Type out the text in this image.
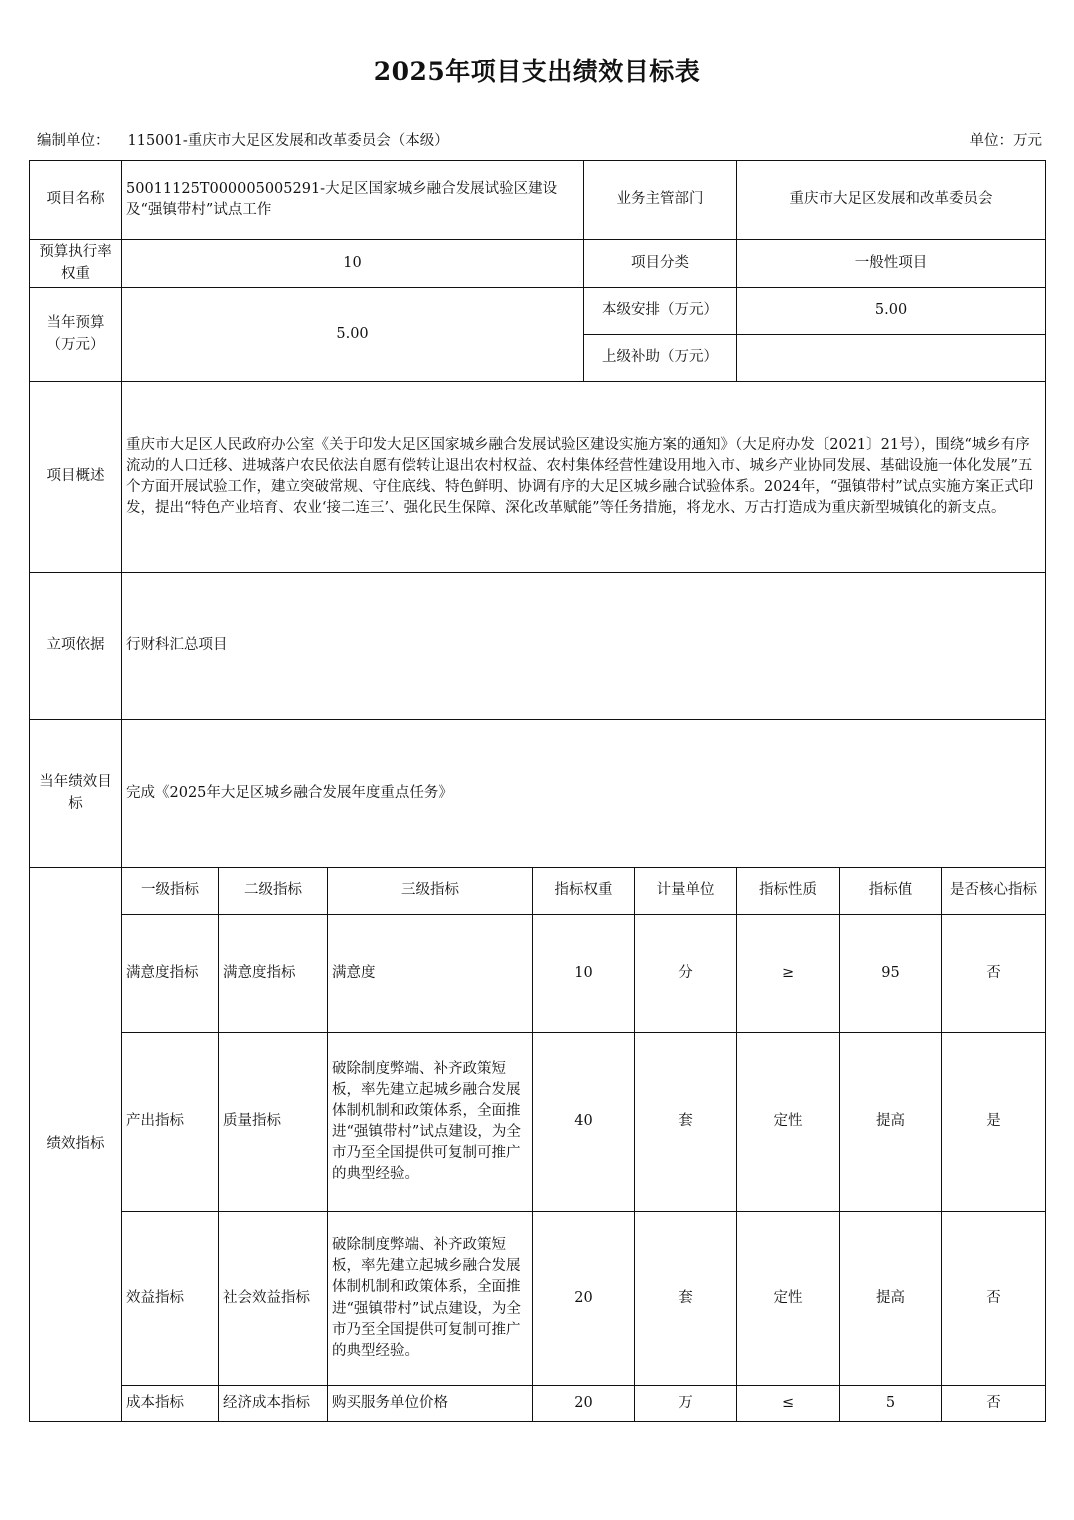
2025年项目支出绩效目标表
编制单位： 115001-重庆市大足区发展和改革委员会（本级）	单位：万元
项目名称	50011125T000005005291-大足区国家城乡融合发展试验区建设及“强镇带村”试点工作				业务主管部门		重庆市大足区发展和改革委员会		
预算执行率权重	10				项目分类		一般性项目		
当年预算（万元）	5.00				本级安排（万元）		5.00		
					上级补助（万元）				
项目概述	重庆市大足区人民政府办公室《关于印发大足区国家城乡融合发展试验区建设实施方案的通知》（大足府办发〔2021〕21号），围绕“城乡有序流动的人口迁移、进城落户农民依法自愿有偿转让退出农村权益、农村集体经营性建设用地入市、城乡产业协同发展、基础设施一体化发展”五个方面开展试验工作，建立突破常规、守住底线、特色鲜明、协调有序的大足区城乡融合试验体系。2024年，“强镇带村”试点实施方案正式印发，提出“特色产业培育、农业‘接二连三’、强化民生保障、深化改革赋能”等任务措施，将龙水、万古打造成为重庆新型城镇化的新支点。								
立项依据	行财科汇总项目								
当年绩效目标	完成《2025年大足区城乡融合发展年度重点任务》								
绩效指标	一级指标	二级指标	三级指标	指标权重		计量单位	指标性质	指标值	是否核心指标
	满意度指标	满意度指标	满意度	10		分	≥	95	否
	产出指标	质量指标	破除制度弊端、补齐政策短板，率先建立起城乡融合发展体制机制和政策体系，全面推进“强镇带村”试点建设，为全市乃至全国提供可复制可推广的典型经验。	40		套	定性	提高	是
	效益指标	社会效益指标	破除制度弊端、补齐政策短板，率先建立起城乡融合发展体制机制和政策体系，全面推进“强镇带村”试点建设，为全市乃至全国提供可复制可推广的典型经验。	20		套	定性	提高	否
	成本指标	经济成本指标	购买服务单位价格	20		万	≤	5	否
